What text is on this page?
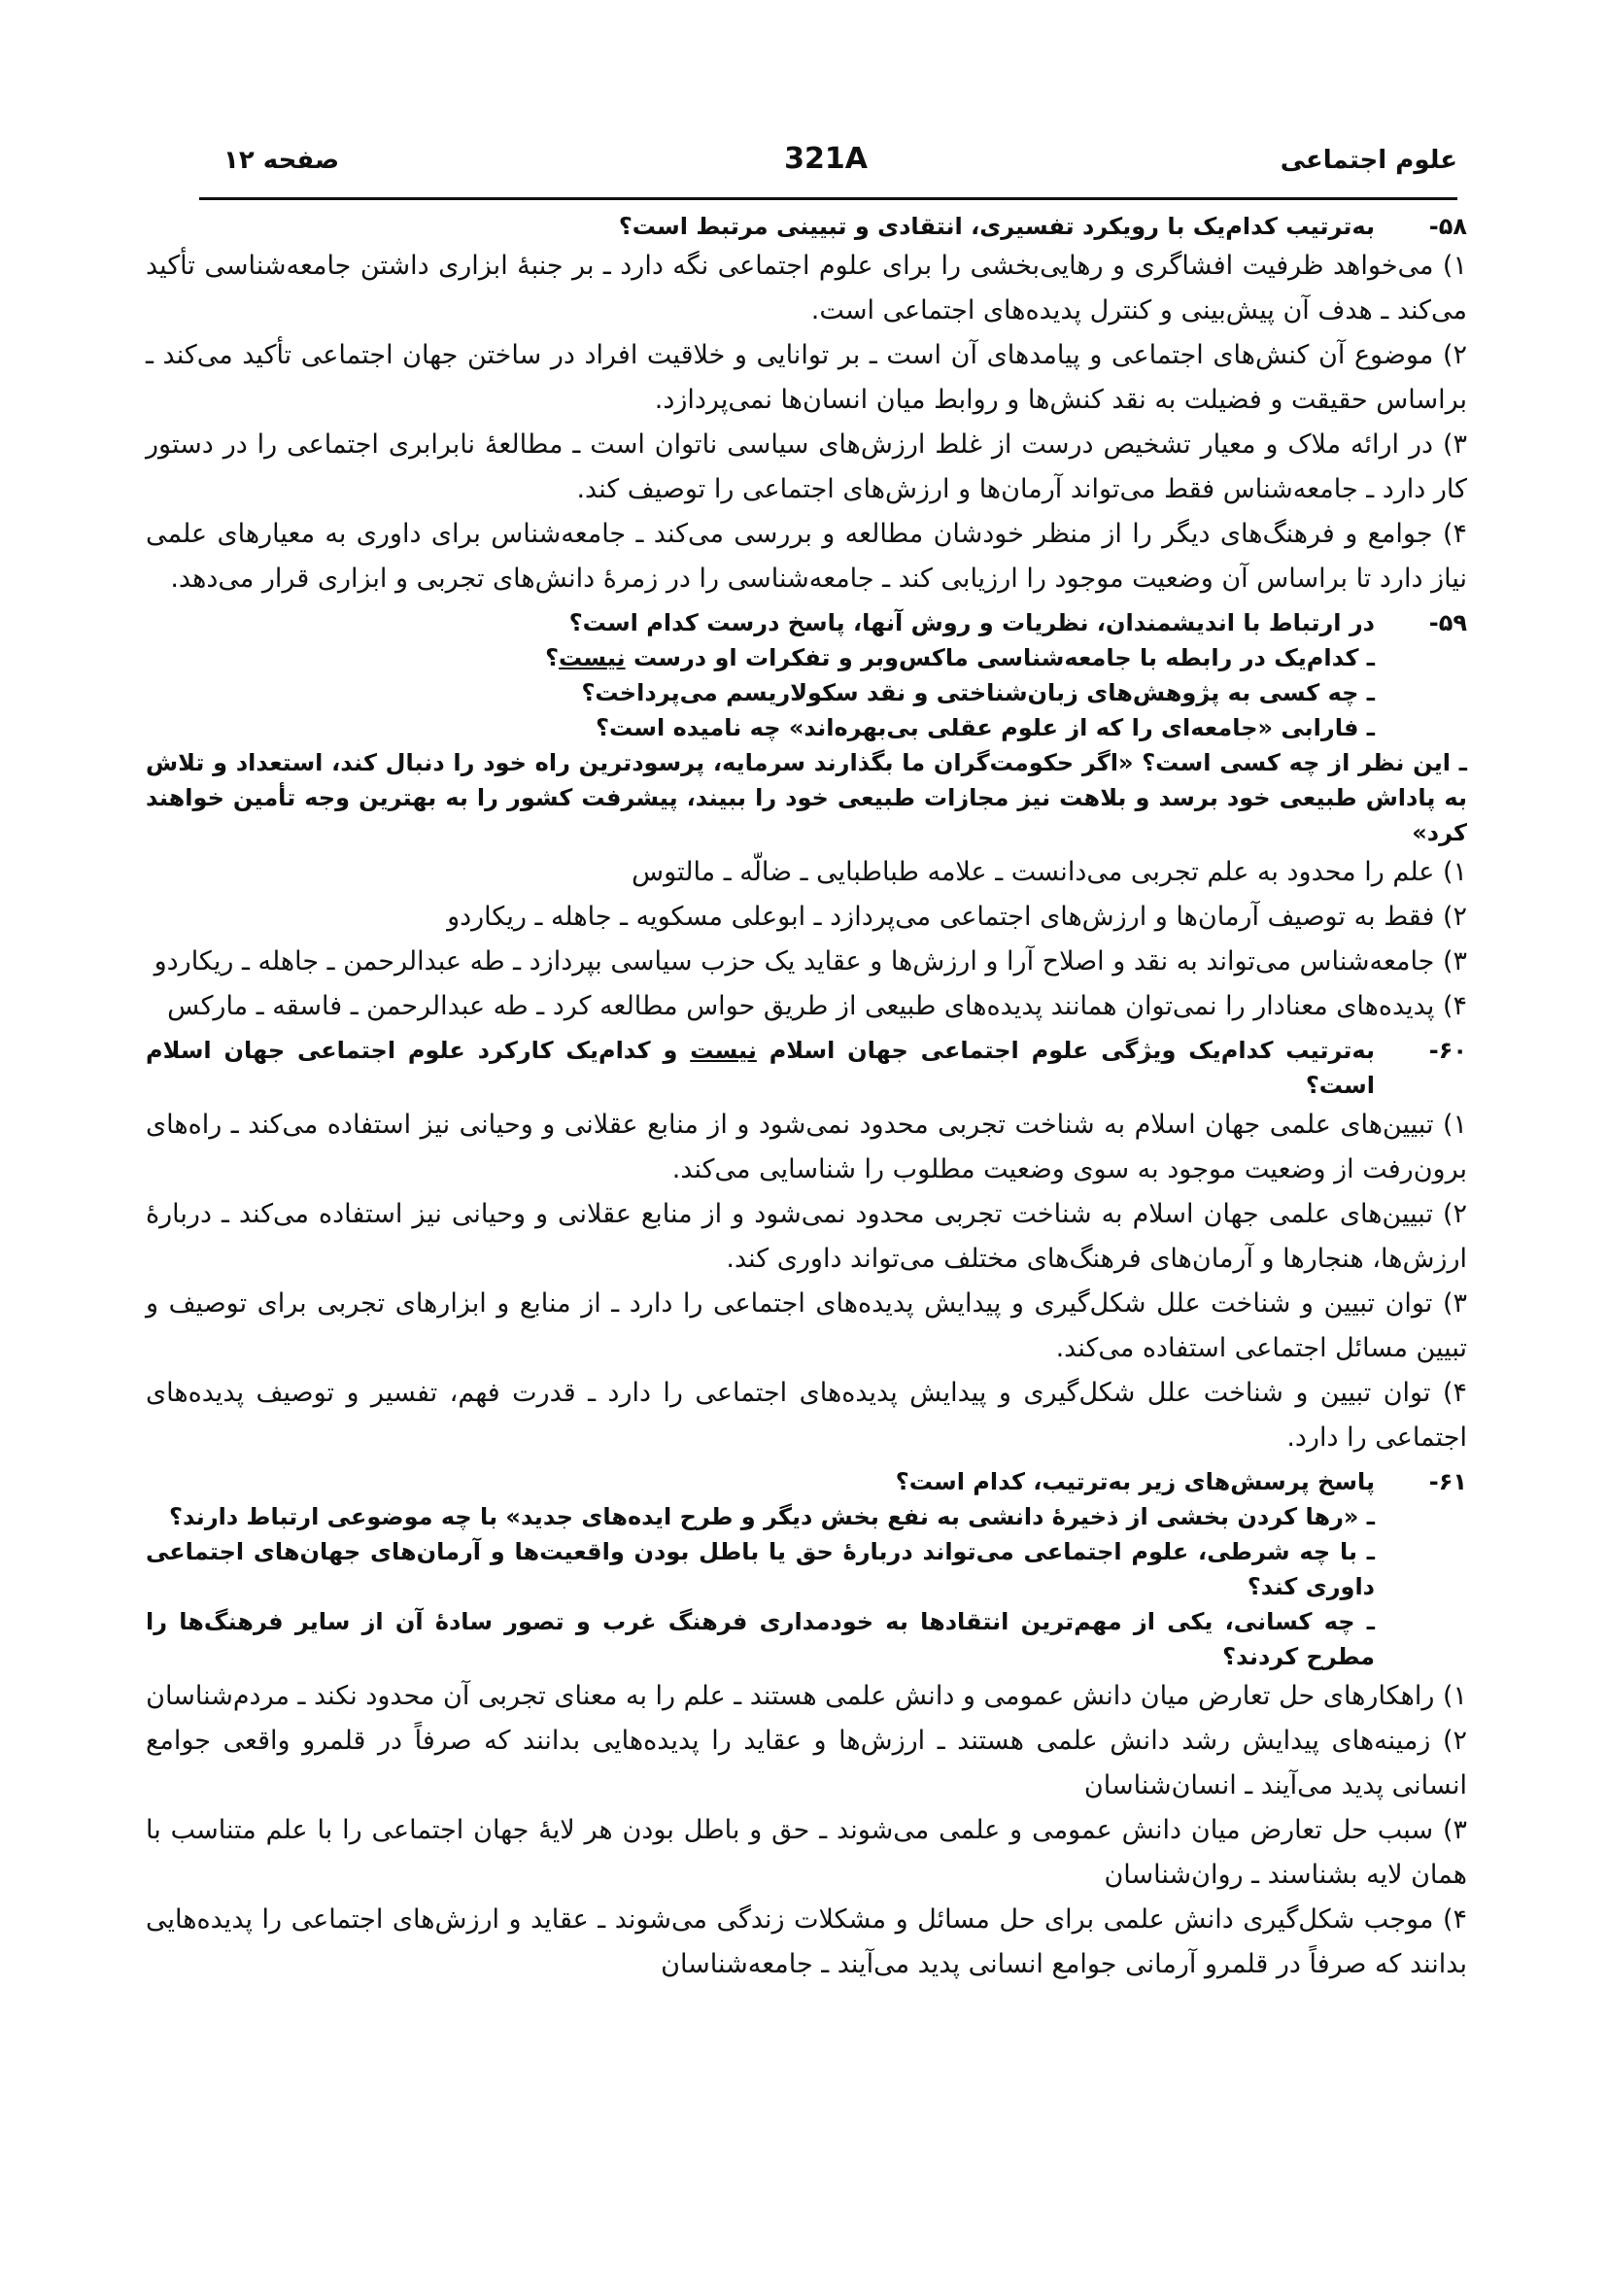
علوم اجتماعی
321A
صفحه ۱۲
۵۸-
به‌ترتیب کدام‌یک با رویکرد تفسیری، انتقادی و تبیینی مرتبط است؟
۱) می‌خواهد ظرفیت افشاگری و رهایی‌بخشی را برای علوم اجتماعی نگه دارد ـ بر جنبهٔ ابزاری داشتن جامعه‌شناسی تأکید می‌کند ـ هدف آن پیش‌بینی و کنترل پدیده‌های اجتماعی است.
۲) موضوع آن کنش‌های اجتماعی و پیامدهای آن است ـ بر توانایی و خلاقیت افراد در ساختن جهان اجتماعی تأکید می‌کند ـ براساس حقیقت و فضیلت به نقد کنش‌ها و روابط میان انسان‌ها نمی‌پردازد.
۳) در ارائه ملاک و معیار تشخیص درست از غلط ارزش‌های سیاسی ناتوان است ـ مطالعهٔ نابرابری اجتماعی را در دستور کار دارد ـ جامعه‌شناس فقط می‌تواند آرمان‌ها و ارزش‌های اجتماعی را توصیف کند.
۴) جوامع و فرهنگ‌های دیگر را از منظر خودشان مطالعه و بررسی می‌کند ـ جامعه‌شناس برای داوری به معیارهای علمی نیاز دارد تا براساس آن وضعیت موجود را ارزیابی کند ـ جامعه‌شناسی را در زمرهٔ دانش‌های تجربی و ابزاری قرار می‌دهد.
۵۹-
در ارتباط با اندیشمندان، نظریات و روش آنها، پاسخ درست کدام است؟
ـ کدام‌یک در رابطه با جامعه‌شناسی ماکس‌وبر و تفکرات او درست نیست؟
ـ چه کسی به پژوهش‌های زبان‌شناختی و نقد سکولاریسم می‌پرداخت؟
ـ فارابی «جامعه‌ای را که از علوم عقلی بی‌بهره‌اند» چه نامیده است؟
ـ این نظر از چه کسی است؟ «اگر حکومت‌گران ما بگذارند سرمایه، پرسودترین راه خود را دنبال کند، استعداد و تلاش به پاداش طبیعی خود برسد و بلاهت نیز مجازات طبیعی خود را ببیند، پیشرفت کشور را به بهترین وجه تأمین خواهند کرد»
۱) علم را محدود به علم تجربی می‌دانست ـ علامه طباطبایی ـ ضالّه ـ مالتوس
۲) فقط به توصیف آرمان‌ها و ارزش‌های اجتماعی می‌پردازد ـ ابوعلی مسکویه ـ جاهله ـ ریکاردو
۳) جامعه‌شناس می‌تواند به نقد و اصلاح آرا و ارزش‌ها و عقاید یک حزب سیاسی بپردازد ـ طه عبدالرحمن ـ جاهله ـ ریکاردو
۴) پدیده‌های معنادار را نمی‌توان همانند پدیده‌های طبیعی از طریق حواس مطالعه کرد ـ طه عبدالرحمن ـ فاسقه ـ مارکس
۶۰-
به‌ترتیب کدام‌یک ویژگی علوم اجتماعی جهان اسلام نیست و کدام‌یک کارکرد علوم اجتماعی جهان اسلام است؟
۱) تبیین‌های علمی جهان اسلام به شناخت تجربی محدود نمی‌شود و از منابع عقلانی و وحیانی نیز استفاده می‌کند ـ راه‌های برون‌رفت از وضعیت موجود به سوی وضعیت مطلوب را شناسایی می‌کند.
۲) تبیین‌های علمی جهان اسلام به شناخت تجربی محدود نمی‌شود و از منابع عقلانی و وحیانی نیز استفاده می‌کند ـ دربارهٔ ارزش‌ها، هنجارها و آرمان‌های فرهنگ‌های مختلف می‌تواند داوری کند.
۳) توان تبیین و شناخت علل شکل‌گیری و پیدایش پدیده‌های اجتماعی را دارد ـ از منابع و ابزارهای تجربی برای توصیف و تبیین مسائل اجتماعی استفاده می‌کند.
۴) توان تبیین و شناخت علل شکل‌گیری و پیدایش پدیده‌های اجتماعی را دارد ـ قدرت فهم، تفسیر و توصیف پدیده‌های اجتماعی را دارد.
۶۱-
پاسخ پرسش‌های زیر به‌ترتیب، کدام است؟
ـ «رها کردن بخشی از ذخیرهٔ دانشی به نفع بخش دیگر و طرح ایده‌های جدید» با چه موضوعی ارتباط دارند؟
ـ با چه شرطی، علوم اجتماعی می‌تواند دربارهٔ حق یا باطل بودن واقعیت‌ها و آرمان‌های جهان‌های اجتماعی داوری کند؟
ـ چه کسانی، یکی از مهم‌ترین انتقادها به خودمداری فرهنگ غرب و تصور سادهٔ آن از سایر فرهنگ‌ها را مطرح کردند؟
۱) راهکارهای حل تعارض میان دانش عمومی و دانش علمی هستند ـ علم را به معنای تجربی آن محدود نکند ـ مردم‌شناسان
۲) زمینه‌های پیدایش رشد دانش علمی هستند ـ ارزش‌ها و عقاید را پدیده‌هایی بدانند که صرفاً در قلمرو واقعی جوامع انسانی پدید می‌آیند ـ انسان‌شناسان
۳) سبب حل تعارض میان دانش عمومی و علمی می‌شوند ـ حق و باطل بودن هر لایهٔ جهان اجتماعی را با علم متناسب با همان لایه بشناسند ـ روان‌شناسان
۴) موجب شکل‌گیری دانش علمی برای حل مسائل و مشکلات زندگی می‌شوند ـ عقاید و ارزش‌های اجتماعی را پدیده‌هایی بدانند که صرفاً در قلمرو آرمانی جوامع انسانی پدید می‌آیند ـ جامعه‌شناسان
